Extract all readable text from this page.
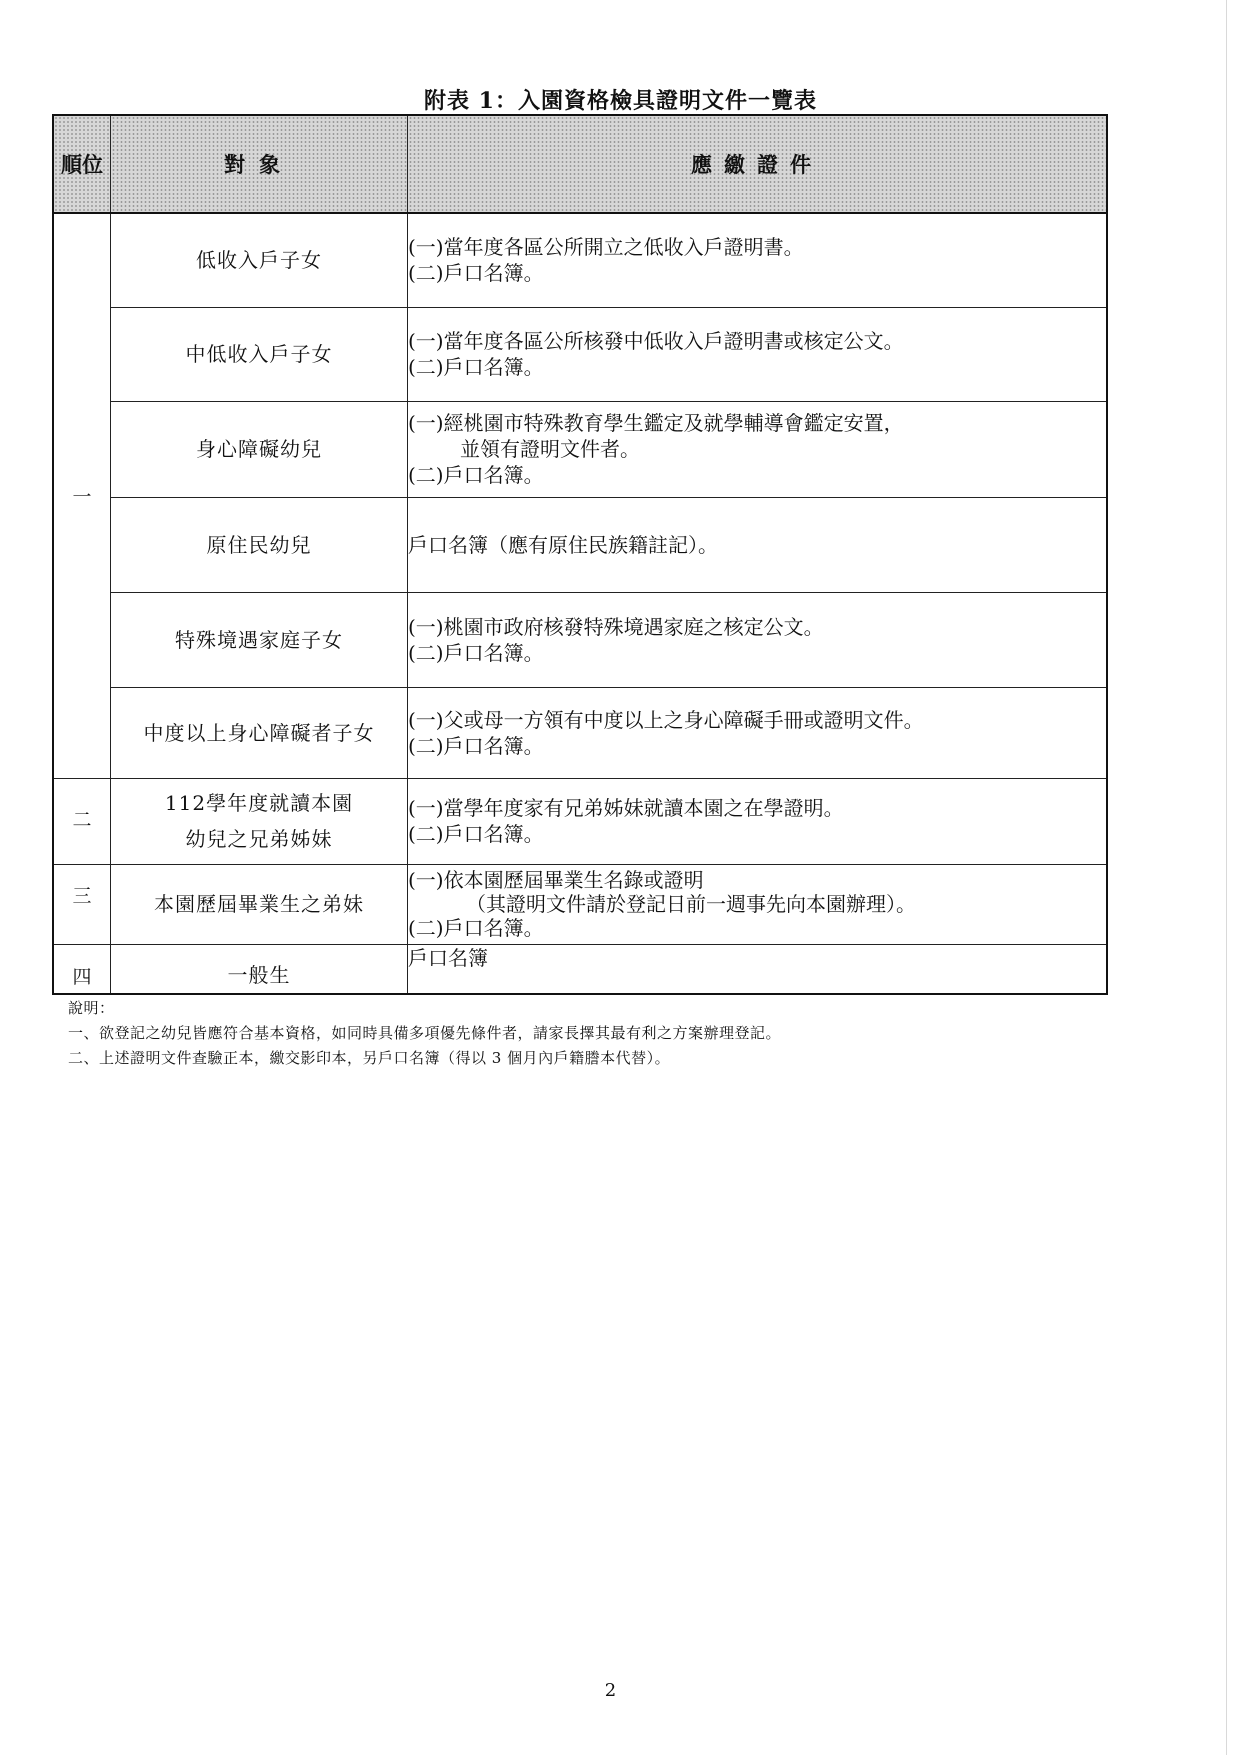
附表 1：入園資格檢具證明文件一覽表
順位	對象	應繳證件
一	低收入戶子女	(一)當年度各區公所開立之低收入戶證明書。
(二)戶口名簿。

	中低收入戶子女	(一)當年度各區公所核發中低收入戶證明書或核定公文。
(二)戶口名簿。

	身心障礙幼兒	(一)經桃園市特殊教育學生鑑定及就學輔導會鑑定安置，
並領有證明文件者。
(二)戶口名簿。

	原住民幼兒	戶口名簿（應有原住民族籍註記）。

	特殊境遇家庭子女	(一)桃園市政府核發特殊境遇家庭之核定公文。
(二)戶口名簿。

	中度以上身心障礙者子女	(一)父或母一方領有中度以上之身心障礙手冊或證明文件。
(二)戶口名簿。

二	112學年度就讀本園
幼兒之兄弟姊妹	(一)當學年度家有兄弟姊妹就讀本園之在學證明。
(二)戶口名簿。

三	本園歷屆畢業生之弟妹	(一)依本園歷屆畢業生名錄或證明
（其證明文件請於登記日前一週事先向本園辦理）。
(二)戶口名簿。

四	一般生	戶口名簿
說明：
一、欲登記之幼兒皆應符合基本資格，如同時具備多項優先條件者，請家長擇其最有利之方案辦理登記。
二、上述證明文件查驗正本，繳交影印本，另戶口名簿（得以 3 個月內戶籍謄本代替）。
2
